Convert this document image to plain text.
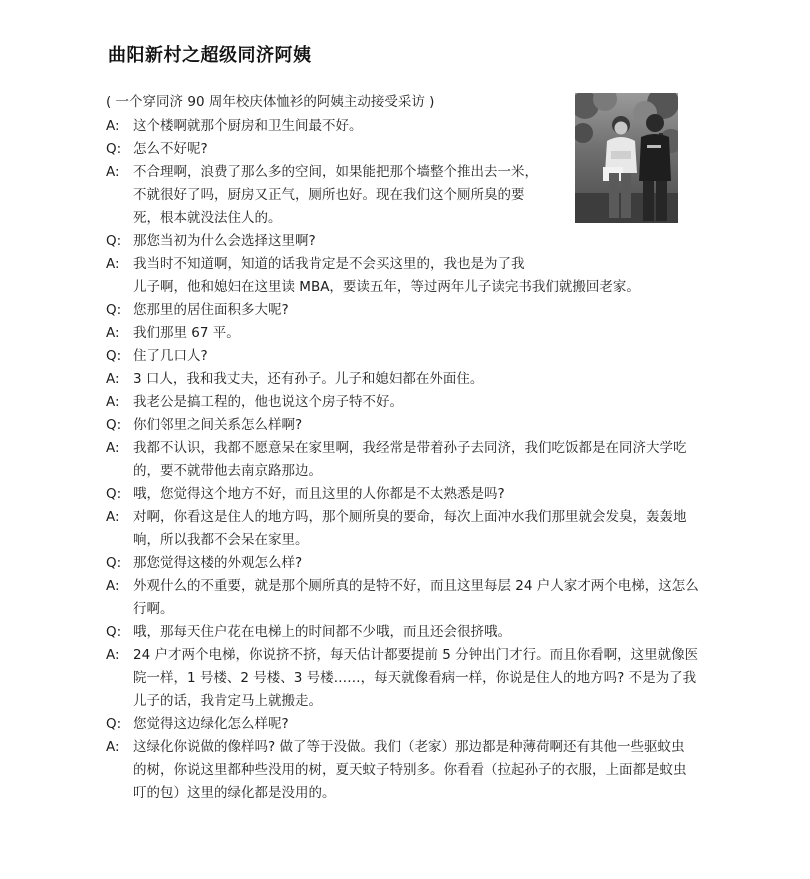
曲阳新村之超级同济阿姨
( 一个穿同济 90 周年校庆体恤衫的阿姨主动接受采访 )
A: 这个楼啊就那个厨房和卫生间最不好。
Q: 怎么不好呢?
A: 不合理啊，浪费了那么多的空间，如果能把那个墙整个推出去一米，
不就很好了吗，厨房又正气，厕所也好。现在我们这个厕所臭的要
死，根本就没法住人的。
Q: 那您当初为什么会选择这里啊?
A: 我当时不知道啊，知道的话我肯定是不会买这里的，我也是为了我
儿子啊，他和媳妇在这里读 MBA，要读五年，等过两年儿子读完书我们就搬回老家。
Q: 您那里的居住面积多大呢?
A: 我们那里 67 平。
Q: 住了几口人?
A: 3 口人，我和我丈夫，还有孙子。儿子和媳妇都在外面住。
A: 我老公是搞工程的，他也说这个房子特不好。
Q: 你们邻里之间关系怎么样啊?
A: 我都不认识，我都不愿意呆在家里啊，我经常是带着孙子去同济，我们吃饭都是在同济大学吃
的，要不就带他去南京路那边。
Q: 哦，您觉得这个地方不好，而且这里的人你都是不太熟悉是吗?
A: 对啊，你看这是住人的地方吗，那个厕所臭的要命，每次上面冲水我们那里就会发臭，轰轰地
响，所以我都不会呆在家里。
Q: 那您觉得这楼的外观怎么样?
A: 外观什么的不重要，就是那个厕所真的是特不好，而且这里每层 24 户人家才两个电梯，这怎么
行啊。
Q: 哦，那每天住户花在电梯上的时间都不少哦，而且还会很挤哦。
A: 24 户才两个电梯，你说挤不挤，每天估计都要提前 5 分钟出门才行。而且你看啊，这里就像医
院一样，1 号楼、2 号楼、3 号楼……，每天就像看病一样，你说是住人的地方吗? 不是为了我
儿子的话，我肯定马上就搬走。
Q: 您觉得这边绿化怎么样呢?
A: 这绿化你说做的像样吗? 做了等于没做。我们（老家）那边都是种薄荷啊还有其他一些驱蚊虫
的树，你说这里都种些没用的树，夏天蚊子特别多。你看看（拉起孙子的衣服，上面都是蚊虫
叮的包）这里的绿化都是没用的。
